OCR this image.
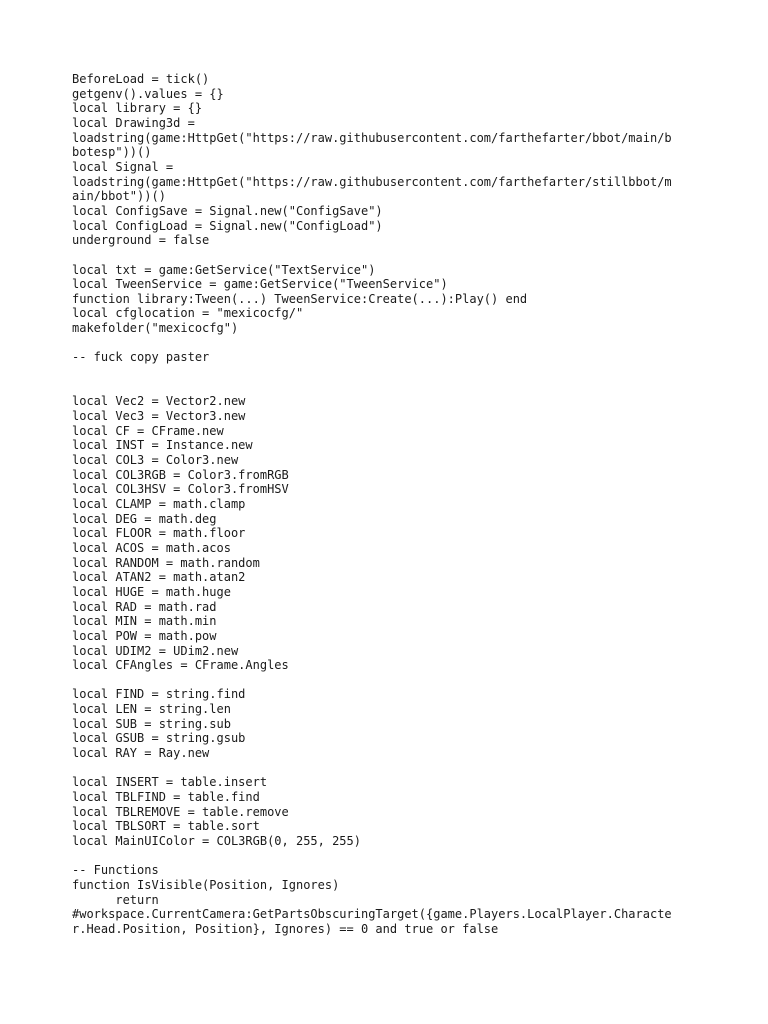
BeforeLoad = tick()
getgenv().values = {}
local library = {}
local Drawing3d =
loadstring(game:HttpGet("https://raw.githubusercontent.com/farthefarter/bbot/main/b
botesp"))()
local Signal =
loadstring(game:HttpGet("https://raw.githubusercontent.com/farthefarter/stillbbot/m
ain/bbot"))()
local ConfigSave = Signal.new("ConfigSave")
local ConfigLoad = Signal.new("ConfigLoad")
underground = false
local txt = game:GetService("TextService")
local TweenService = game:GetService("TweenService")
function library:Tween(...) TweenService:Create(...):Play() end
local cfglocation = "mexicocfg/"
makefolder("mexicocfg")
-- fuck copy paster
local Vec2 = Vector2.new
local Vec3 = Vector3.new
local CF = CFrame.new
local INST = Instance.new
local COL3 = Color3.new
local COL3RGB = Color3.fromRGB
local COL3HSV = Color3.fromHSV
local CLAMP = math.clamp
local DEG = math.deg
local FLOOR = math.floor
local ACOS = math.acos
local RANDOM = math.random
local ATAN2 = math.atan2
local HUGE = math.huge
local RAD = math.rad
local MIN = math.min
local POW = math.pow
local UDIM2 = UDim2.new
local CFAngles = CFrame.Angles
local FIND = string.find
local LEN = string.len
local SUB = string.sub
local GSUB = string.gsub
local RAY = Ray.new
local INSERT = table.insert
local TBLFIND = table.find
local TBLREMOVE = table.remove
local TBLSORT = table.sort
local MainUIColor = COL3RGB(0, 255, 255)
-- Functions
function IsVisible(Position, Ignores)
return
#workspace.CurrentCamera:GetPartsObscuringTarget({game.Players.LocalPlayer.Characte
r.Head.Position, Position}, Ignores) == 0 and true or false
